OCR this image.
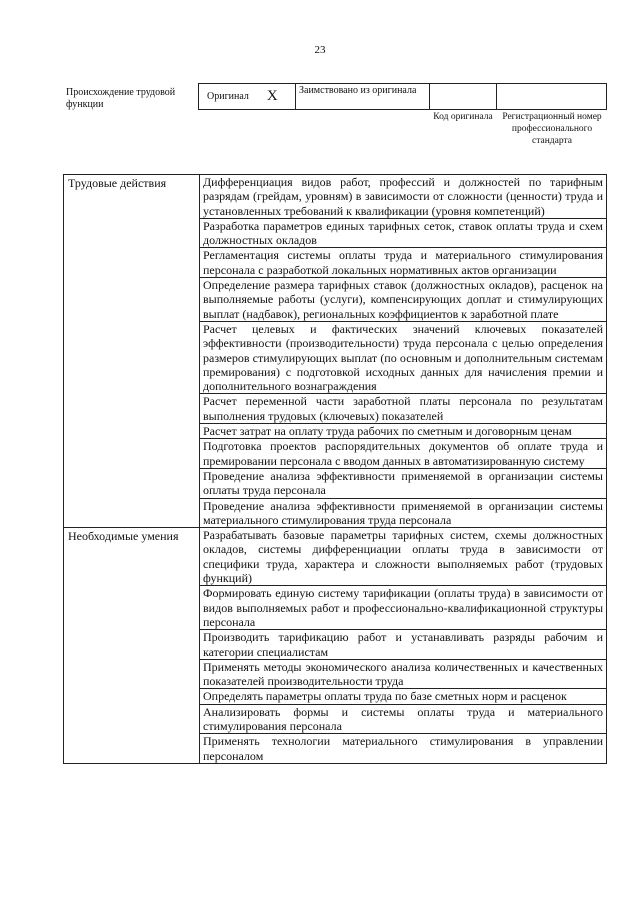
23
Происхождение трудовой функции
Оригинал X Заимствовано из оригинала
Код оригинала	Регистрационный номер профессионального стандарта
Трудовые действия	Дифференциация видов работ, профессий и должностей по тарифным разрядам (грейдам, уровням) в зависимости от сложности (ценности) труда и установленных требований к квалификации (уровня компетенций)
	Разработка параметров единых тарифных сеток, ставок оплаты труда и схем должностных окладов
	Регламентация системы оплаты труда и материального стимулирования персонала с разработкой локальных нормативных актов организации
	Определение размера тарифных ставок (должностных окладов), расценок на выполняемые работы (услуги), компенсирующих доплат и стимулирующих выплат (надбавок), региональных коэффициентов к заработной плате
	Расчет целевых и фактических значений ключевых показателей эффективности (производительности) труда персонала с целью определения размеров стимулирующих выплат (по основным и дополнительным системам премирования) с подготовкой исходных данных для начисления премии и дополнительного вознаграждения
	Расчет переменной части заработной платы персонала по результатам выполнения трудовых (ключевых) показателей
	Расчет затрат на оплату труда рабочих по сметным и договорным ценам
	Подготовка проектов распорядительных документов об оплате труда и премировании персонала с вводом данных в автоматизированную систему
	Проведение анализа эффективности применяемой в организации системы оплаты труда персонала
	Проведение анализа эффективности применяемой в организации системы материального стимулирования труда персонала
Необходимые умения	Разрабатывать базовые параметры тарифных систем, схемы должностных окладов, системы дифференциации оплаты труда в зависимости от специфики труда, характера и сложности выполняемых работ (трудовых функций)
	Формировать единую систему тарификации (оплаты труда) в зависимости от видов выполняемых работ и профессионально-квалификационной структуры персонала
	Производить тарификацию работ и устанавливать разряды рабочим и категории специалистам
	Применять методы экономического анализа количественных и качественных показателей производительности труда
	Определять параметры оплаты труда по базе сметных норм и расценок
	Анализировать формы и системы оплаты труда и материального стимулирования персонала
	Применять технологии материального стимулирования в управлении персоналом
